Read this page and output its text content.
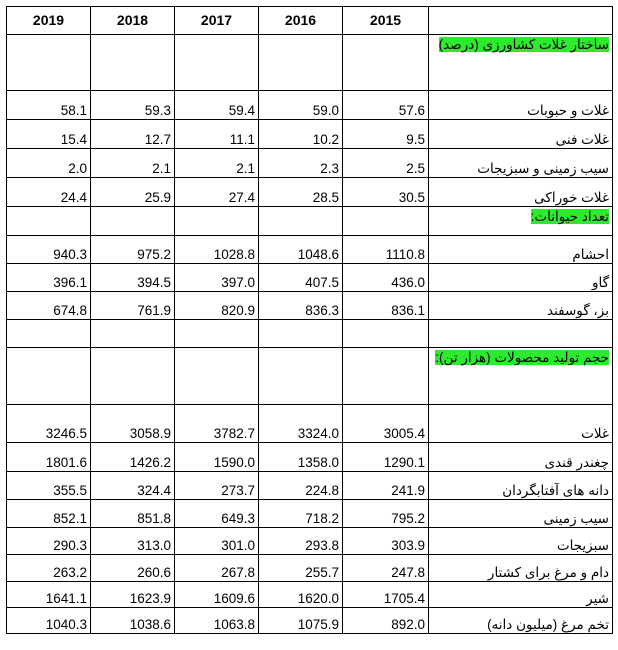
2019	2018	2017	2016	2015	
					ساختار غلات کشاورزی (درصد)
58.1	59.3	59.4	59.0	57.6	غلات و حبوبات
15.4	12.7	11.1	10.2	9.5	غلات فنی
2.0	2.1	2.1	2.3	2.5	سیب زمینی و سبزیجات
24.4	25.9	27.4	28.5	30.5	غلات خوراکی
					تعداد حیوانات:
940.3	975.2	1028.8	1048.6	1110.8	احشام
396.1	394.5	397.0	407.5	436.0	گاو
674.8	761.9	820.9	836.3	836.1	بز، گوسفند

					حجم تولید محصولات (هزار تن):
3246.5	3058.9	3782.7	3324.0	3005.4	غلات
1801.6	1426.2	1590.0	1358.0	1290.1	چغندر قندی
355.5	324.4	273.7	224.8	241.9	دانه های آفتابگردان
852.1	851.8	649.3	718.2	795.2	سیب زمینی
290.3	313.0	301.0	293.8	303.9	سبزیجات
263.2	260.6	267.8	255.7	247.8	دام و مرغ برای کشتار
1641.1	1623.9	1609.6	1620.0	1705.4	شیر
1040.3	1038.6	1063.8	1075.9	892.0	تخم مرغ (میلیون دانه)
